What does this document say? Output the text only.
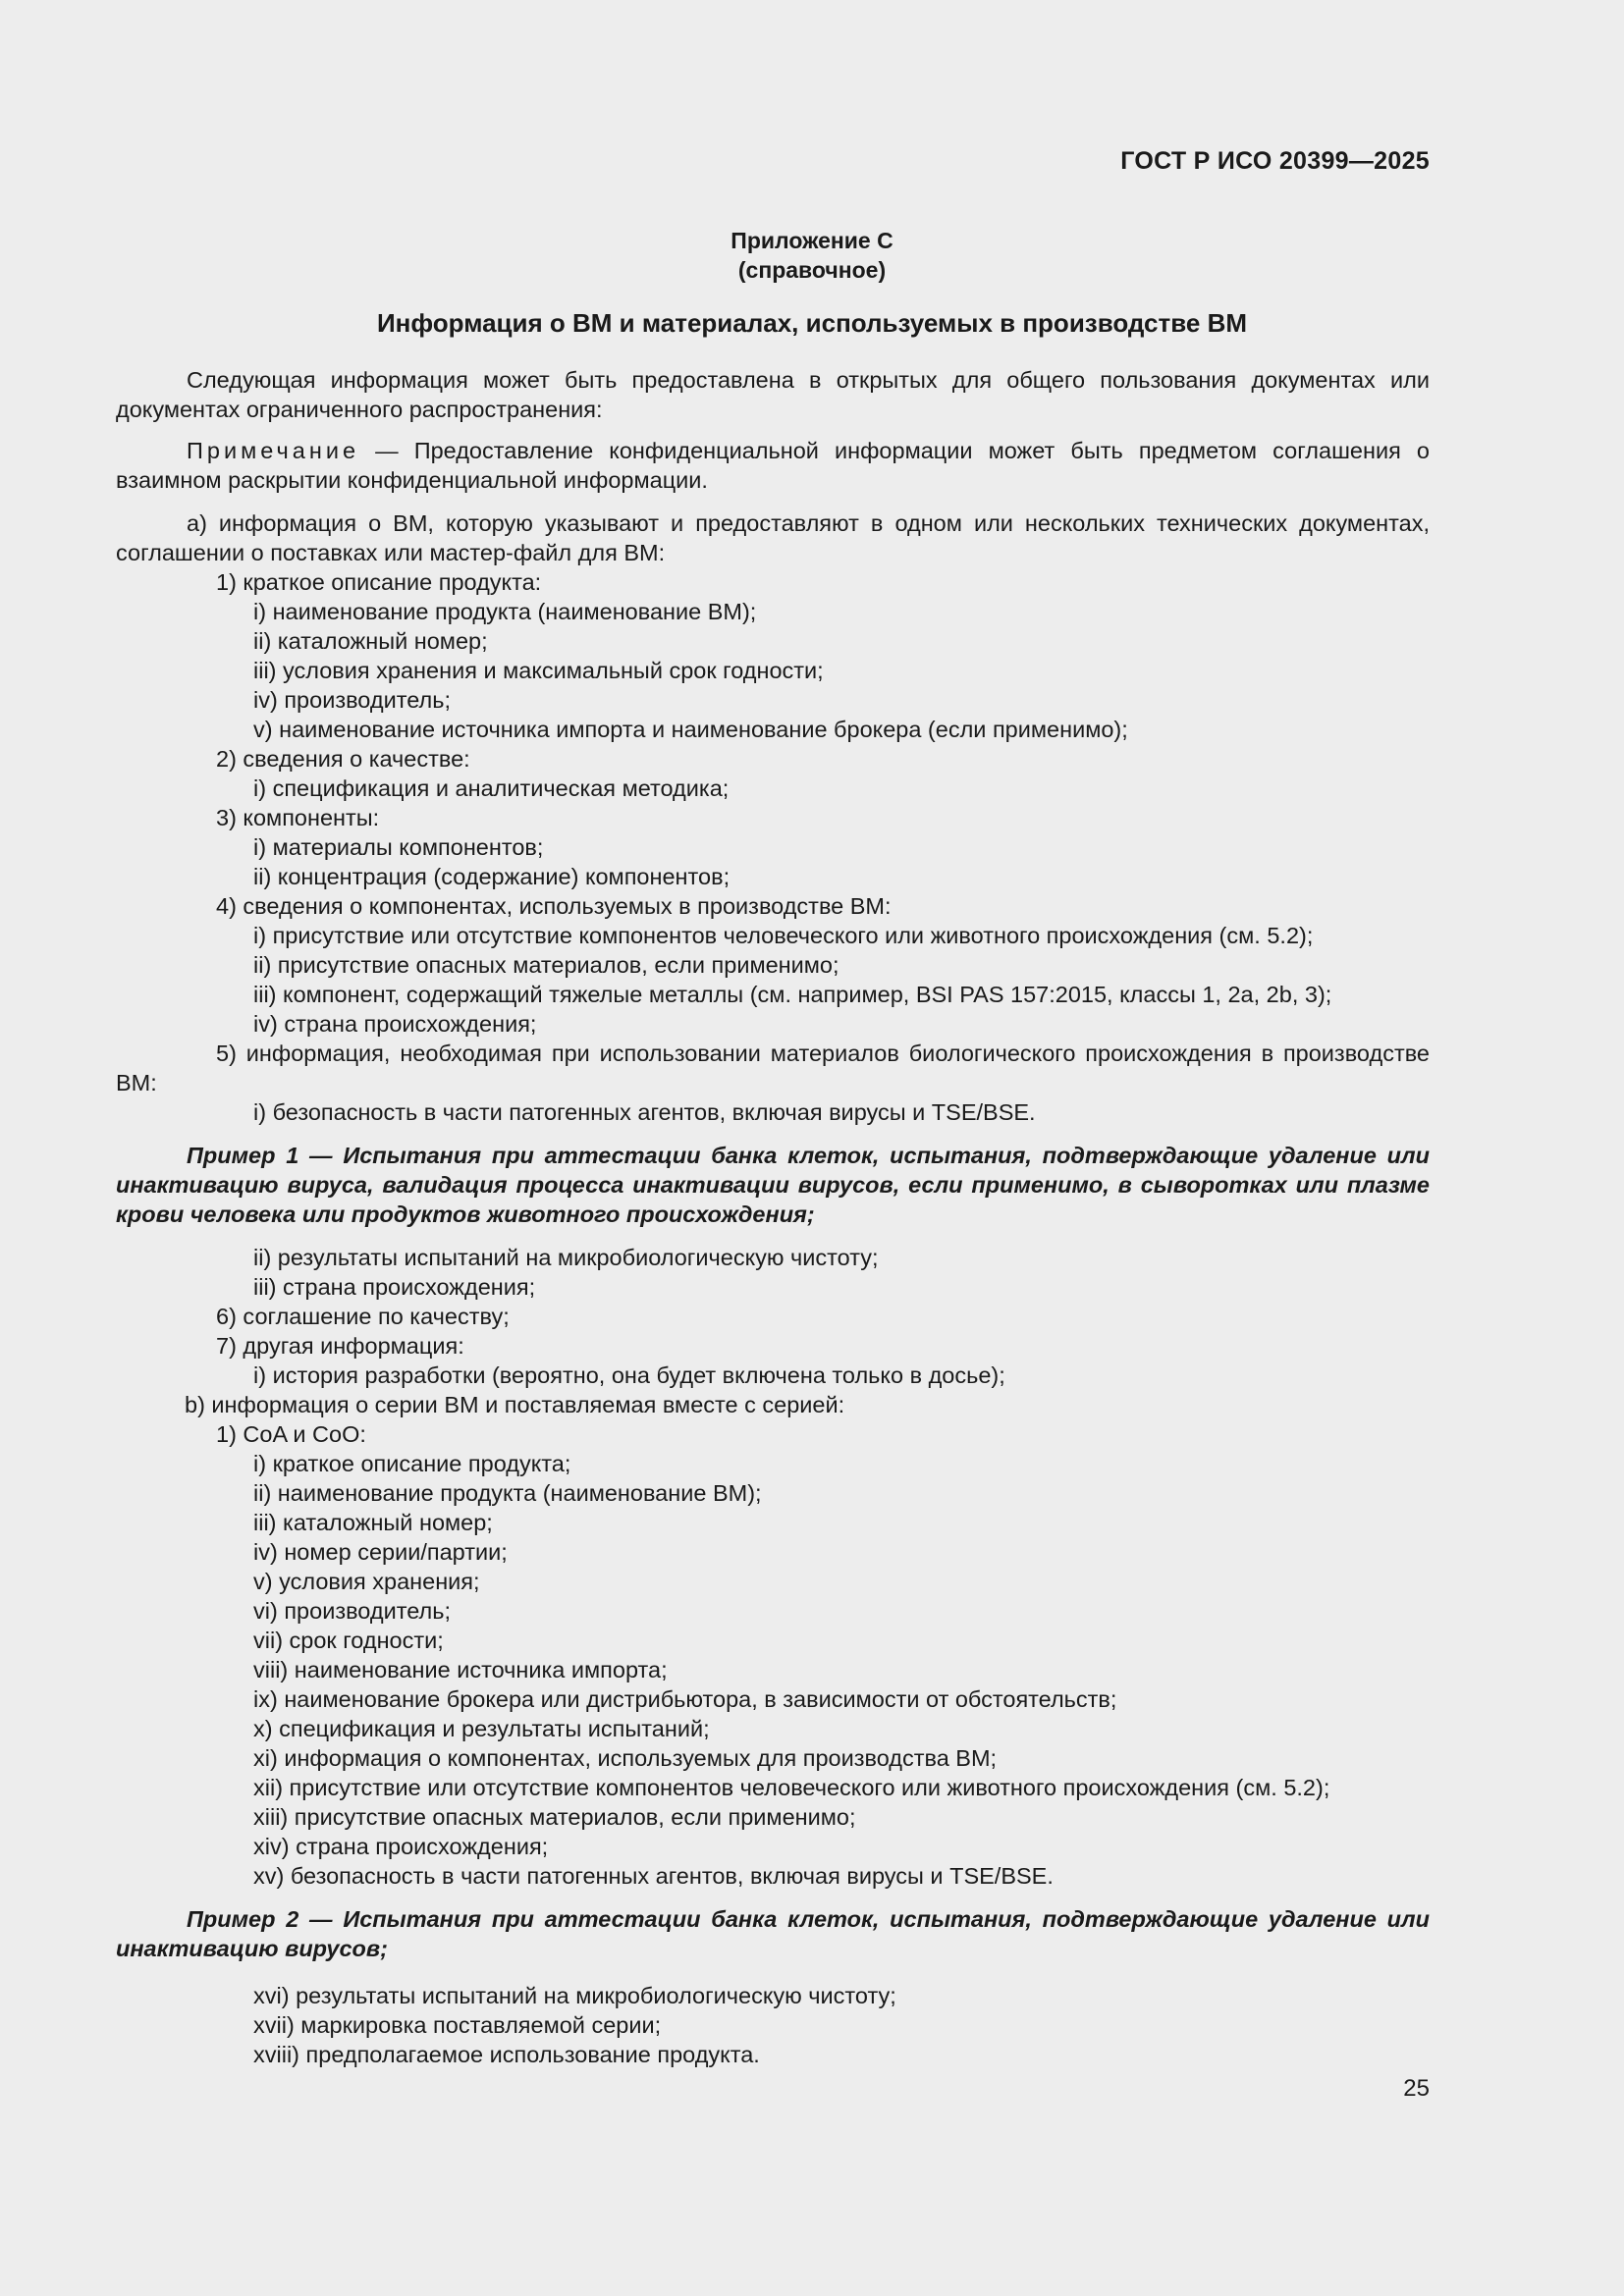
ГОСТ Р ИСО 20399—2025
Приложение С
(справочное)
Информация о ВМ и материалах, используемых в производстве ВМ

Следующая информация может быть предоставлена в открытых для общего пользования документах или документах ограниченного распространения:

Примечание — Предоставление конфиденциальной информации может быть предметом соглашения о взаимном раскрытии конфиденциальной информации.

a) информация о ВМ, которую указывают и предоставляют в одном или нескольких технических документах, соглашении о поставках или мастер-файл для ВМ:

1) краткое описание продукта:
i) наименование продукта (наименование ВМ);
ii) каталожный номер;
iii) условия хранения и максимальный срок годности;
iv) производитель;
v) наименование источника импорта и наименование брокера (если применимо);
2) сведения о качестве:
i) спецификация и аналитическая методика;
3) компоненты:
i) материалы компонентов;
ii) концентрация (содержание) компонентов;
4) сведения о компонентах, используемых в производстве ВМ:
i) присутствие или отсутствие компонентов человеческого или животного происхождения (см. 5.2);
ii) присутствие опасных материалов, если применимо;
iii) компонент, содержащий тяжелые металлы (см. например, BSI PAS 157:2015, классы 1, 2a, 2b, 3);
iv) страна происхождения;

5) информация, необходимая при использовании материалов биологического происхождения в производстве ВМ:

i) безопасность в части патогенных агентов, включая вирусы и TSE/BSE.

Пример 1 — Испытания при аттестации банка клеток, испытания, подтверждающие удаление или инактивацию вируса, валидация процесса инактивации вирусов, если применимо, в сыворотках или плазме крови человека или продуктов животного происхождения;

ii) результаты испытаний на микробиологическую чистоту;
iii) страна происхождения;
6) соглашение по качеству;
7) другая информация:
i) история разработки (вероятно, она будет включена только в досье);
b) информация о серии ВМ и поставляемая вместе с серией:
1) CoA и CoO:
i) краткое описание продукта;
ii) наименование продукта (наименование ВМ);
iii) каталожный номер;
iv) номер серии/партии;
v) условия хранения;
vi) производитель;
vii) срок годности;
viii) наименование источника импорта;
ix) наименование брокера или дистрибьютора, в зависимости от обстоятельств;
x) спецификация и результаты испытаний;
xi) информация о компонентах, используемых для производства ВМ;
xii) присутствие или отсутствие компонентов человеческого или животного происхождения (см. 5.2);
xiii) присутствие опасных материалов, если применимо;
xiv) страна происхождения;
xv) безопасность в части патогенных агентов, включая вирусы и TSE/BSE.

Пример 2 — Испытания при аттестации банка клеток, испытания, подтверждающие удаление или инактивацию вирусов;

xvi) результаты испытаний на микробиологическую чистоту;
xvii) маркировка поставляемой серии;
xviii) предполагаемое использование продукта.
25
